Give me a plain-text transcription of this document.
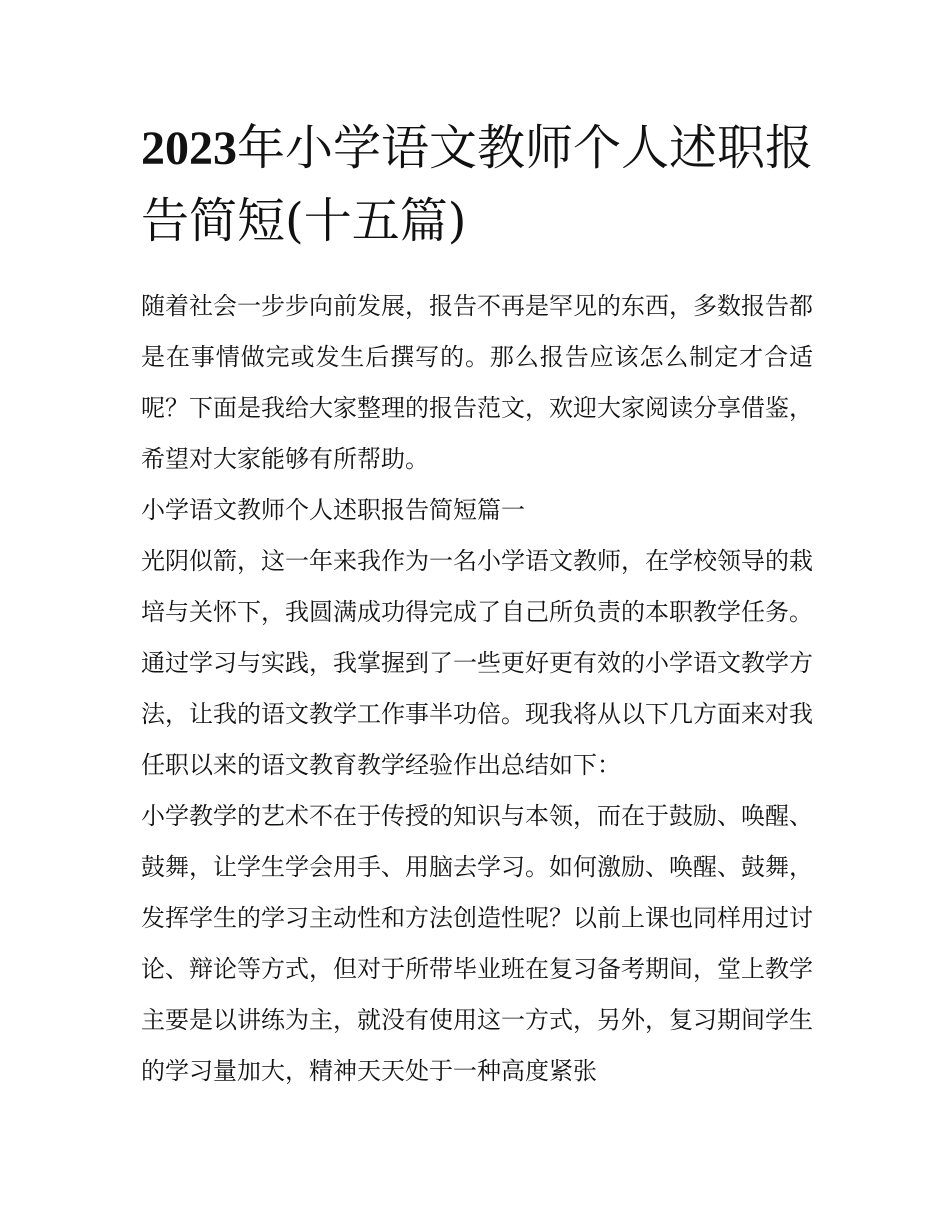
2023年小学语文教师个人述职报告简短(十五篇)

随着社会一步步向前发展，报告不再是罕见的东西，多数报告都是在事情做完或发生后撰写的。那么报告应该怎么制定才合适呢？下面是我给大家整理的报告范文，欢迎大家阅读分享借鉴，希望对大家能够有所帮助。

小学语文教师个人述职报告简短篇一

光阴似箭，这一年来我作为一名小学语文教师，在学校领导的栽培与关怀下，我圆满成功得完成了自己所负责的本职教学任务。通过学习与实践，我掌握到了一些更好更有效的小学语文教学方法，让我的语文教学工作事半功倍。现我将从以下几方面来对我任职以来的语文教育教学经验作出总结如下：

小学教学的艺术不在于传授的知识与本领，而在于鼓励、唤醒、鼓舞，让学生学会用手、用脑去学习。如何激励、唤醒、鼓舞，发挥学生的学习主动性和方法创造性呢？以前上课也同样用过讨论、辩论等方式，但对于所带毕业班在复习备考期间，堂上教学主要是以讲练为主，就没有使用这一方式，另外，复习期间学生的学习量加大，精神天天处于一种高度紧张
